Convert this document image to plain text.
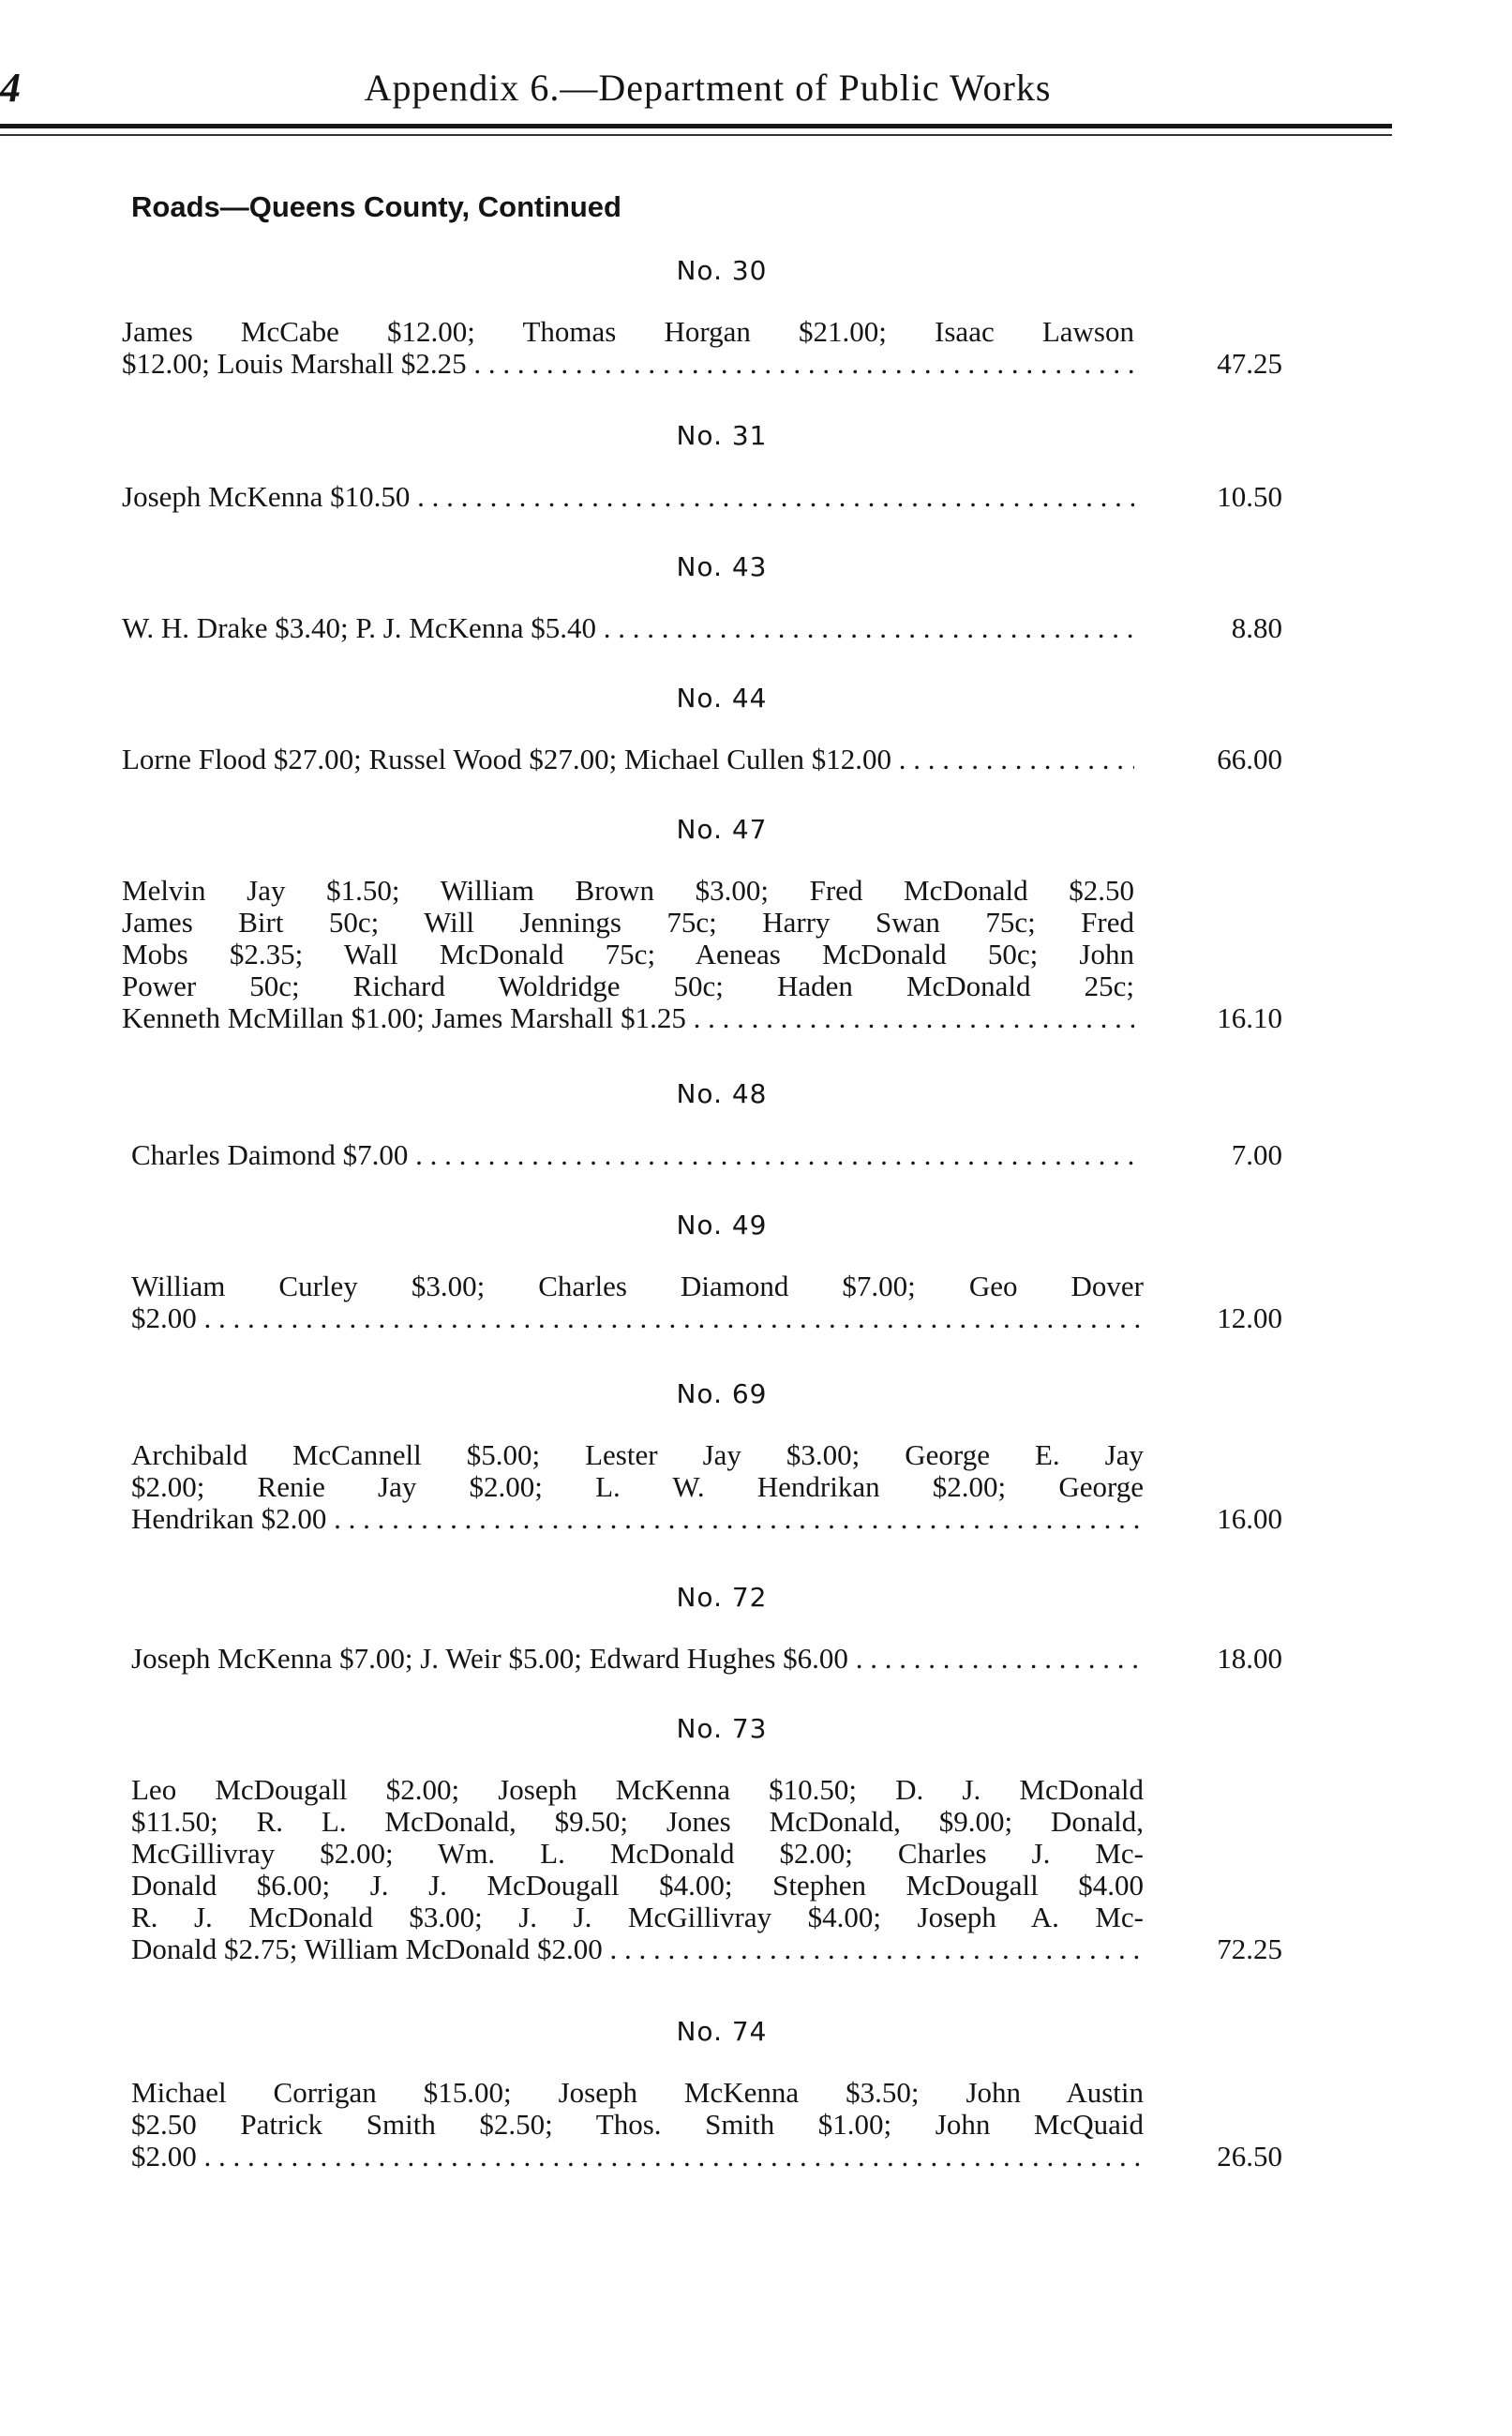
4	Appendix 6.—Department of Public Works
Roads—Queens County, Continued
No. 30
James McCabe $12.00; Thomas Horgan $21.00; Isaac Lawson
$12.00; Louis Marshall $2.25 . . .	47.25
No. 31
Joseph McKenna $10.50 . . .	10.50
No. 43
W. H. Drake $3.40; P. J. McKenna $5.40 . . .	8.80
No. 44
Lorne Flood $27.00; Russel Wood $27.00; Michael Cullen $12.00 . . .	66.00
No. 47
Melvin Jay $1.50; William Brown $3.00; Fred McDonald $2.50
James Birt 50c; Will Jennings 75c; Harry Swan 75c; Fred
Mobs $2.35; Wall McDonald 75c; Aeneas McDonald 50c; John
Power 50c; Richard Woldridge 50c; Haden McDonald 25c;
Kenneth McMillan $1.00; James Marshall $1.25 . . .	16.10
No. 48
Charles Daimond $7.00 . . .	7.00
No. 49
William Curley $3.00; Charles Diamond $7.00; Geo Dover
$2.00 . . .	12.00
No. 69
Archibald McCannell $5.00; Lester Jay $3.00; George E. Jay
$2.00; Renie Jay $2.00; L. W. Hendrikan $2.00; George
Hendrikan $2.00 . . .	16.00
No. 72
Joseph McKenna $7.00; J. Weir $5.00; Edward Hughes $6.00 . . .	18.00
No. 73
Leo McDougall $2.00; Joseph McKenna $10.50; D. J. McDonald
$11.50; R. L. McDonald, $9.50; Jones McDonald, $9.00; Donald,
McGillivray $2.00; Wm. L. McDonald $2.00; Charles J. Mc-
Donald $6.00; J. J. McDougall $4.00; Stephen McDougall $4.00
R. J. McDonald $3.00; J. J. McGillivray $4.00; Joseph A. Mc-
Donald $2.75; William McDonald $2.00 . . .	72.25
No. 74
Michael Corrigan $15.00; Joseph McKenna $3.50; John Austin
$2.50 Patrick Smith $2.50; Thos. Smith $1.00; John McQuaid
$2.00 . . .	26.50
